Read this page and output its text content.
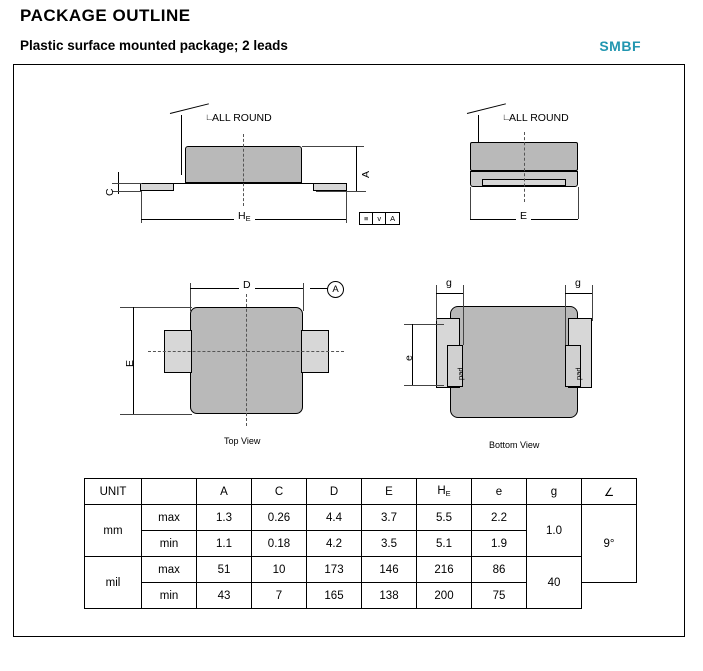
PACKAGE OUTLINE
Plastic surface mounted package; 2 leads	SMBF
ALL ROUND
∟
A
C
$H_E$	≡	v	A
∟
ALL ROUND
E
D	A
E
Top View
pad	pad
g	g
e
Bottom View
UNIT		A	C	D	E	$H_E$	e	g	∠
mm	max	1.3	0.26	4.4	3.7	5.5	2.2	1.0	9°
	min	1.1	0.18	4.2	3.5	5.1	1.9		
mil	max	51	10	173	146	216	86	40	
	min	43	7	165	138	200	75		
